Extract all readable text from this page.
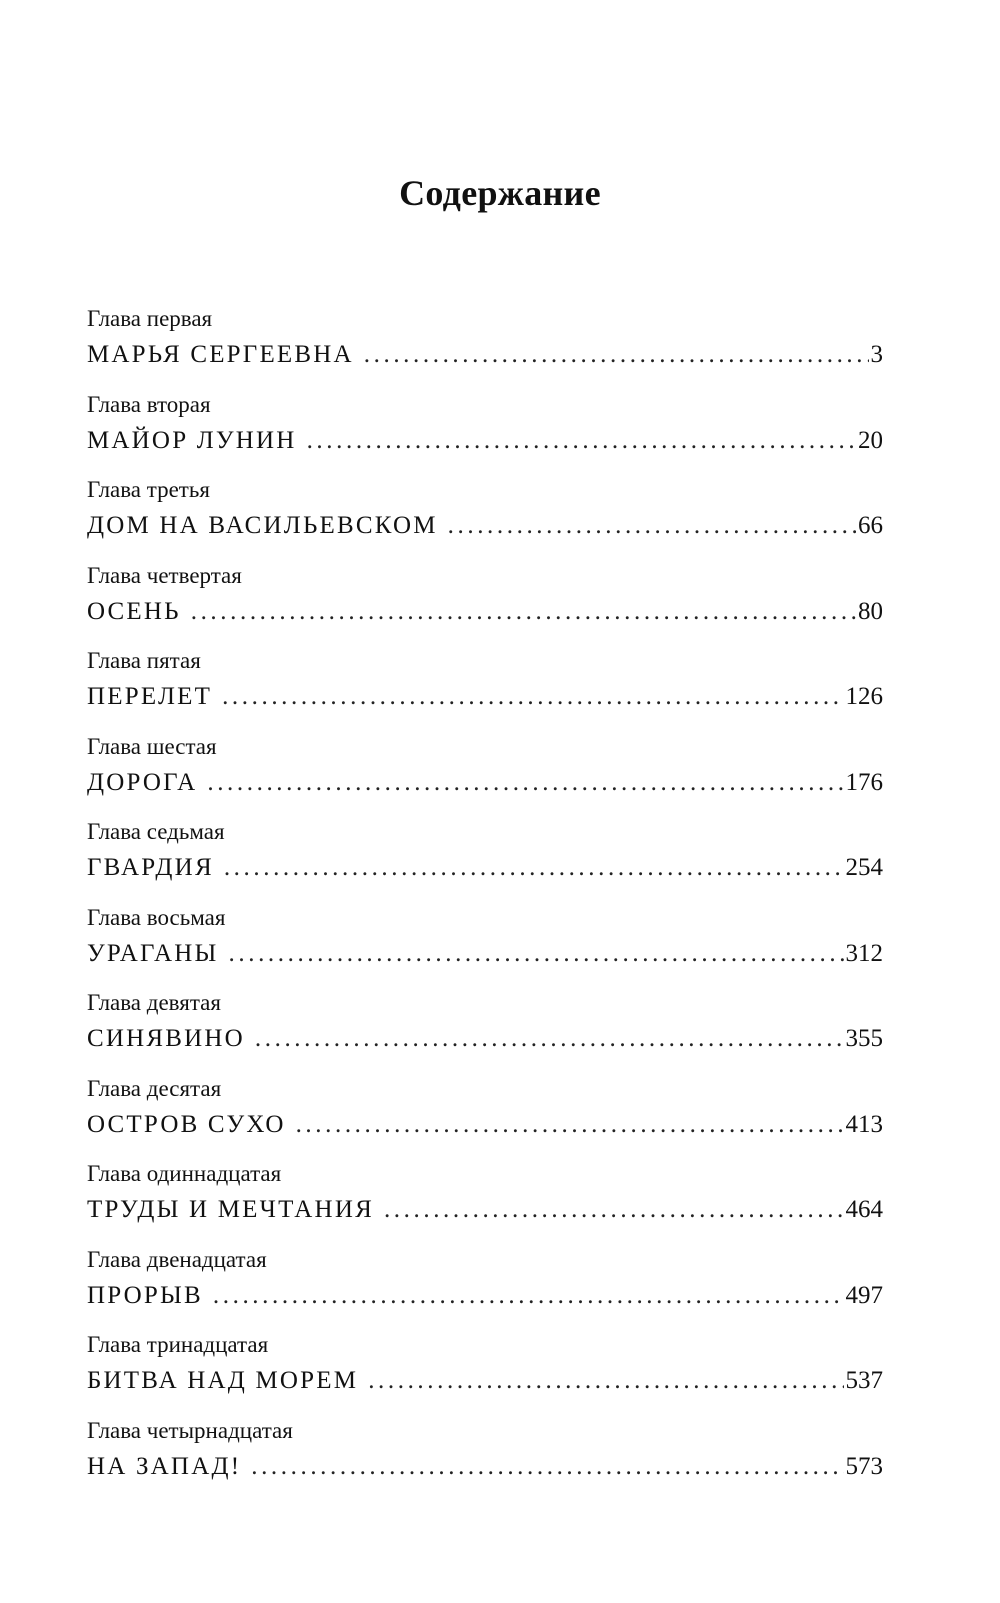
Содержание
Глава первая
МАРЬЯ СЕРГЕЕВНА .....	3
Глава вторая
МАЙОР ЛУНИН .....	20
Глава третья
ДОМ НА ВАСИЛЬЕВСКОМ .....	66
Глава четвертая
ОСЕНЬ .....	80
Глава пятая
ПЕРЕЛЕТ .....	126
Глава шестая
ДОРОГА .....	176
Глава седьмая
ГВАРДИЯ .....	254
Глава восьмая
УРАГАНЫ .....	312
Глава девятая
СИНЯВИНО .....	355
Глава десятая
ОСТРОВ СУХО .....	413
Глава одиннадцатая
ТРУДЫ И МЕЧТАНИЯ .....	464
Глава двенадцатая
ПРОРЫВ .....	497
Глава тринадцатая
БИТВА НАД МОРЕМ .....	537
Глава четырнадцатая
НА ЗАПАД! .....	573
